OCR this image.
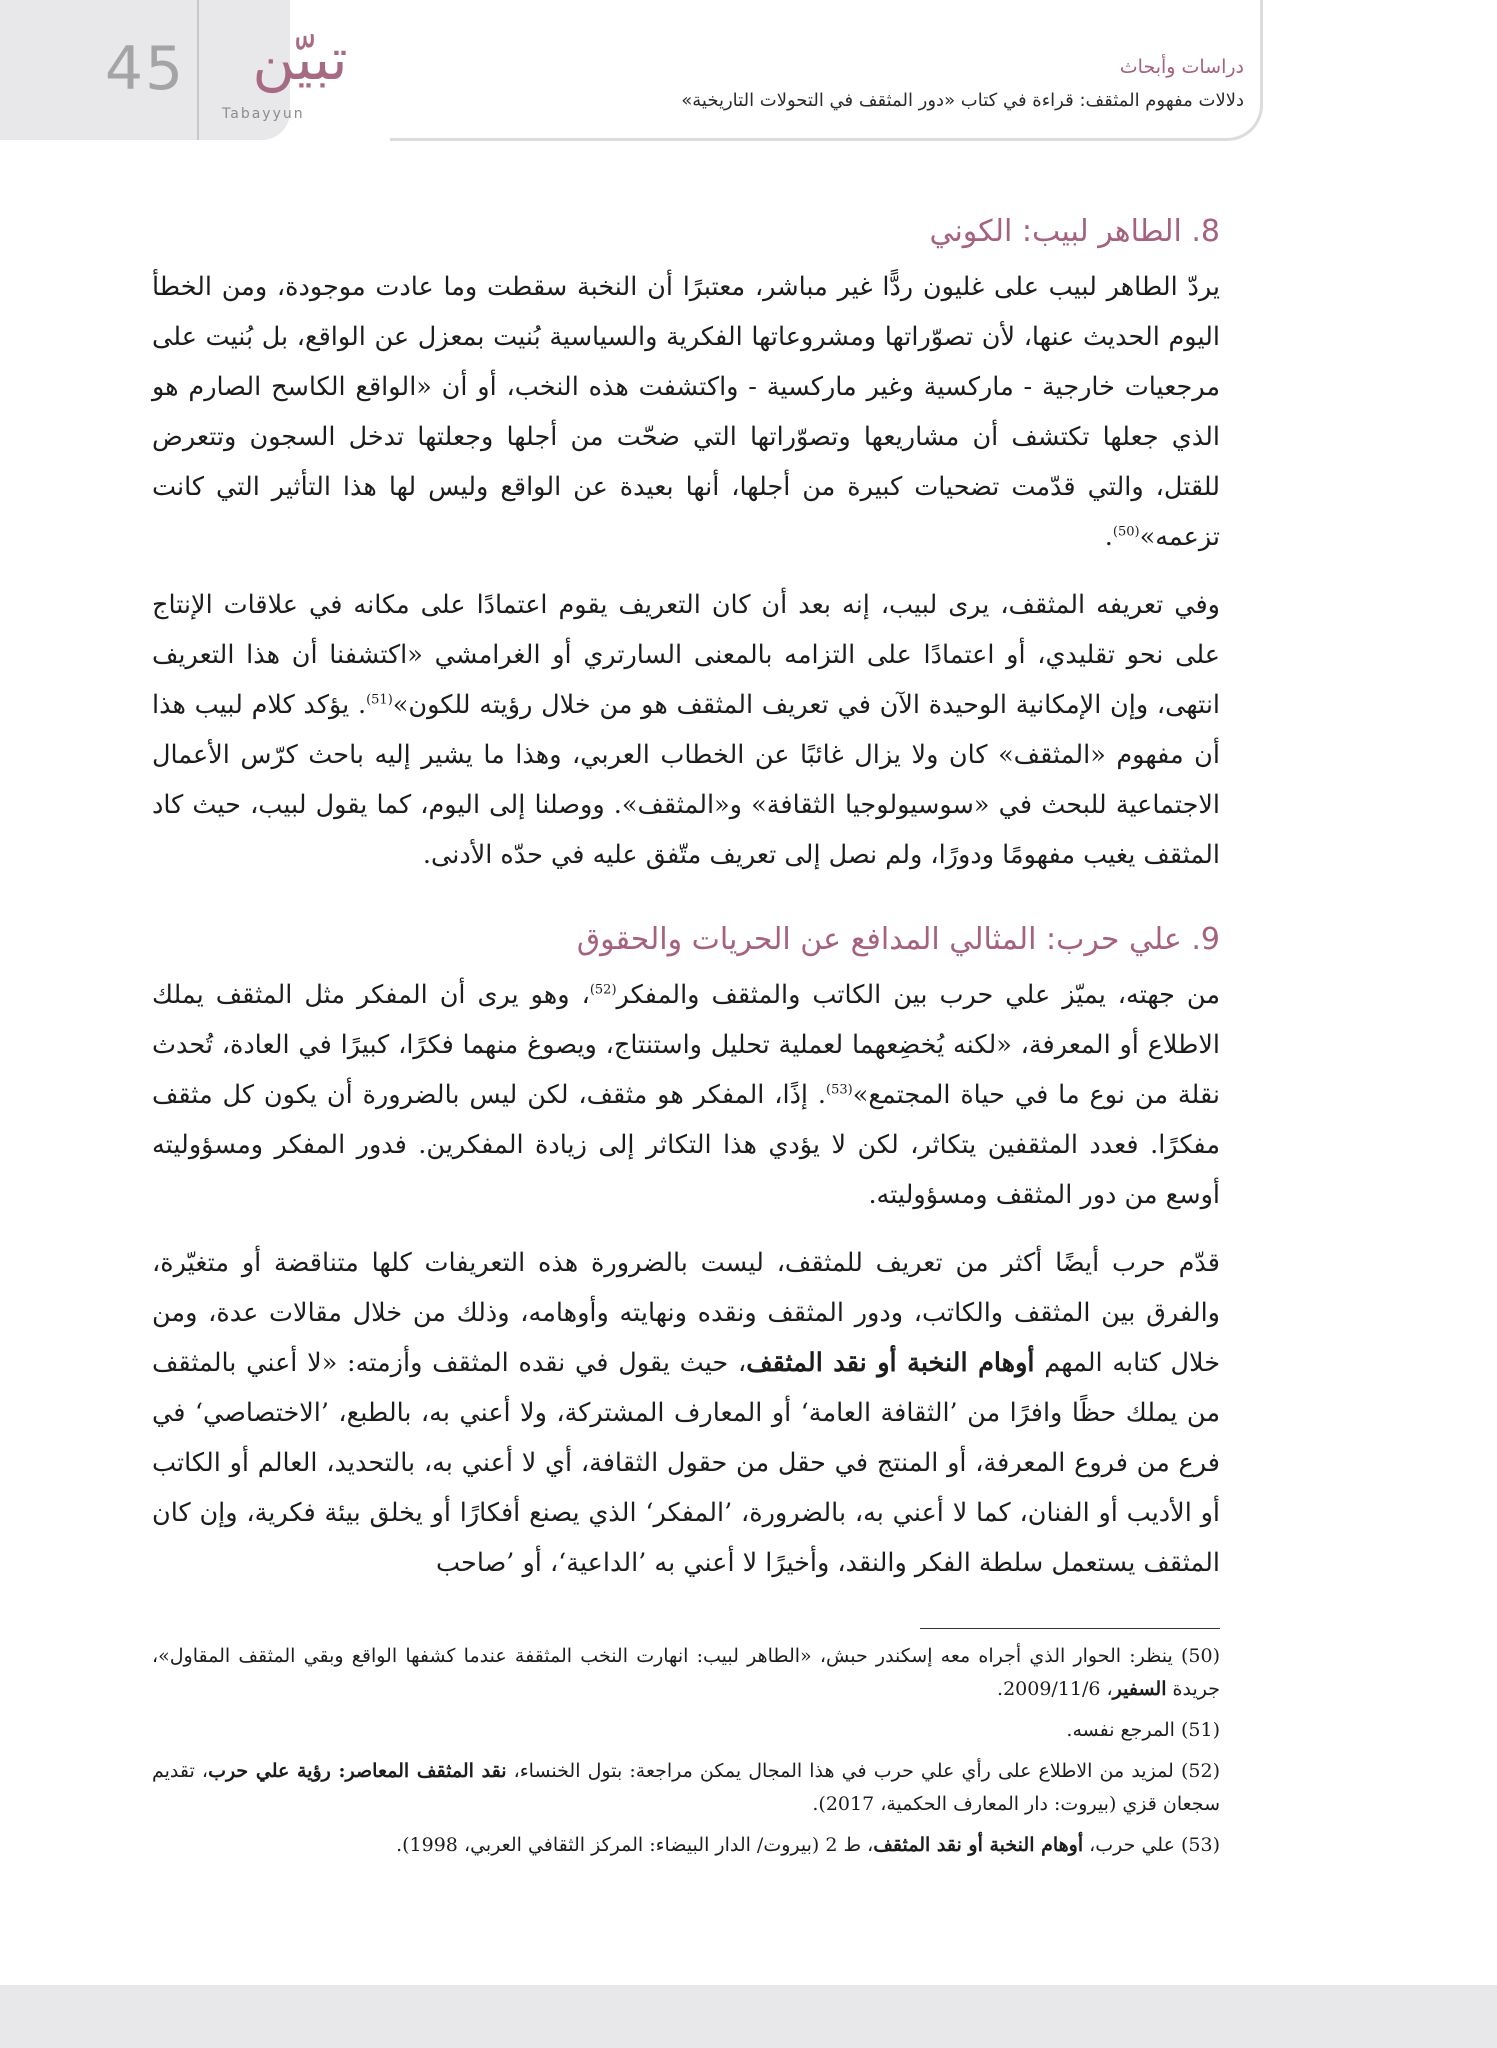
45	تبيّن
Tabayyun
دراسات وأبحاث
دلالات مفهوم المثقف: قراءة في كتاب «دور المثقف في التحولات التاريخية»
8. الطاهر لبيب: الكوني

يردّ الطاهر لبيب على غليون ردًّا غير مباشر، معتبرًا أن النخبة سقطت وما عادت موجودة، ومن الخطأ اليوم الحديث عنها، لأن تصوّراتها ومشروعاتها الفكرية والسياسية بُنيت بمعزل عن الواقع، بل بُنيت على مرجعيات خارجية - ماركسية وغير ماركسية - واكتشفت هذه النخب، أو أن «الواقع الكاسح الصارم هو الذي جعلها تكتشف أن مشاريعها وتصوّراتها التي ضحّت من أجلها وجعلتها تدخل السجون وتتعرض للقتل، والتي قدّمت تضحيات كبيرة من أجلها، أنها بعيدة عن الواقع وليس لها هذا التأثير التي كانت تزعمه»$^{(50)}$.

وفي تعريفه المثقف، يرى لبيب، إنه بعد أن كان التعريف يقوم اعتمادًا على مكانه في علاقات الإنتاج على نحو تقليدي، أو اعتمادًا على التزامه بالمعنى السارتري أو الغرامشي «اكتشفنا أن هذا التعريف انتهى، وإن الإمكانية الوحيدة الآن في تعريف المثقف هو من خلال رؤيته للكون»$^{(51)}$. يؤكد كلام لبيب هذا أن مفهوم «المثقف» كان ولا يزال غائبًا عن الخطاب العربي، وهذا ما يشير إليه باحث كرّس الأعمال الاجتماعية للبحث في «سوسيولوجيا الثقافة» و«المثقف». ووصلنا إلى اليوم، كما يقول لبيب، حيث كاد المثقف يغيب مفهومًا ودورًا، ولم نصل إلى تعريف متّفق عليه في حدّه الأدنى.

9. علي حرب: المثالي المدافع عن الحريات والحقوق

من جهته، يميّز علي حرب بين الكاتب والمثقف والمفكر$^{(52)}$، وهو يرى أن المفكر مثل المثقف يملك الاطلاع أو المعرفة، «لكنه يُخضِعهما لعملية تحليل واستنتاج، ويصوغ منهما فكرًا، كبيرًا في العادة، تُحدث نقلة من نوع ما في حياة المجتمع»$^{(53)}$. إذًا، المفكر هو مثقف، لكن ليس بالضرورة أن يكون كل مثقف مفكرًا. فعدد المثقفين يتكاثر، لكن لا يؤدي هذا التكاثر إلى زيادة المفكرين. فدور المفكر ومسؤوليته أوسع من دور المثقف ومسؤوليته.

قدّم حرب أيضًا أكثر من تعريف للمثقف، ليست بالضرورة هذه التعريفات كلها متناقضة أو متغيّرة، والفرق بين المثقف والكاتب، ودور المثقف ونقده ونهايته وأوهامه، وذلك من خلال مقالات عدة، ومن خلال كتابه المهم أوهام النخبة أو نقد المثقف، حيث يقول في نقده المثقف وأزمته: «لا أعني بالمثقف من يملك حظًا وافرًا من ’الثقافة العامة‘ أو المعارف المشتركة، ولا أعني به، بالطبع، ’الاختصاصي‘ في فرع من فروع المعرفة، أو المنتج في حقل من حقول الثقافة، أي لا أعني به، بالتحديد، العالم أو الكاتب أو الأديب أو الفنان، كما لا أعني به، بالضرورة، ’المفكر‘ الذي يصنع أفكارًا أو يخلق بيئة فكرية، وإن كان المثقف يستعمل سلطة الفكر والنقد، وأخيرًا لا أعني به ’الداعية‘، أو ’صاحب

(50) ينظر: الحوار الذي أجراه معه إسكندر حبش، «الطاهر لبيب: انهارت النخب المثقفة عندما كشفها الواقع وبقي المثقف المقاول»، جريدة السفير، 2009/11/6.

(51) المرجع نفسه.

(52) لمزيد من الاطلاع على رأي علي حرب في هذا المجال يمكن مراجعة: بتول الخنساء، نقد المثقف المعاصر: رؤية علي حرب، تقديم سجعان قزي (بيروت: دار المعارف الحكمية، 2017).

(53) علي حرب، أوهام النخبة أو نقد المثقف، ط 2 (بيروت/ الدار البيضاء: المركز الثقافي العربي، 1998).
